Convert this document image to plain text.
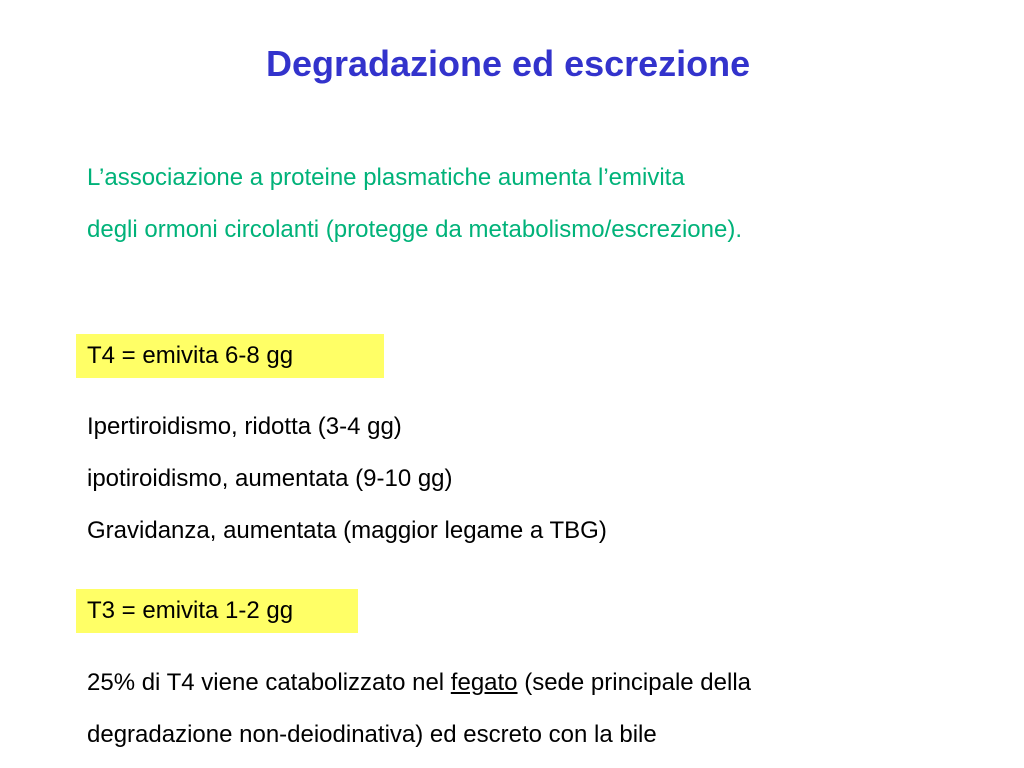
Degradazione ed escrezione
L’associazione a proteine plasmatiche aumenta l’emivita
degli ormoni circolanti (protegge da metabolismo/escrezione).
T4 = emivita 6-8 gg
Ipertiroidismo, ridotta (3-4 gg)
ipotiroidismo, aumentata (9-10 gg)
Gravidanza, aumentata (maggior legame a TBG)
T3 = emivita 1-2 gg
25% di T4 viene catabolizzato nel fegato (sede principale della
degradazione non-deiodinativa) ed escreto con la bile
